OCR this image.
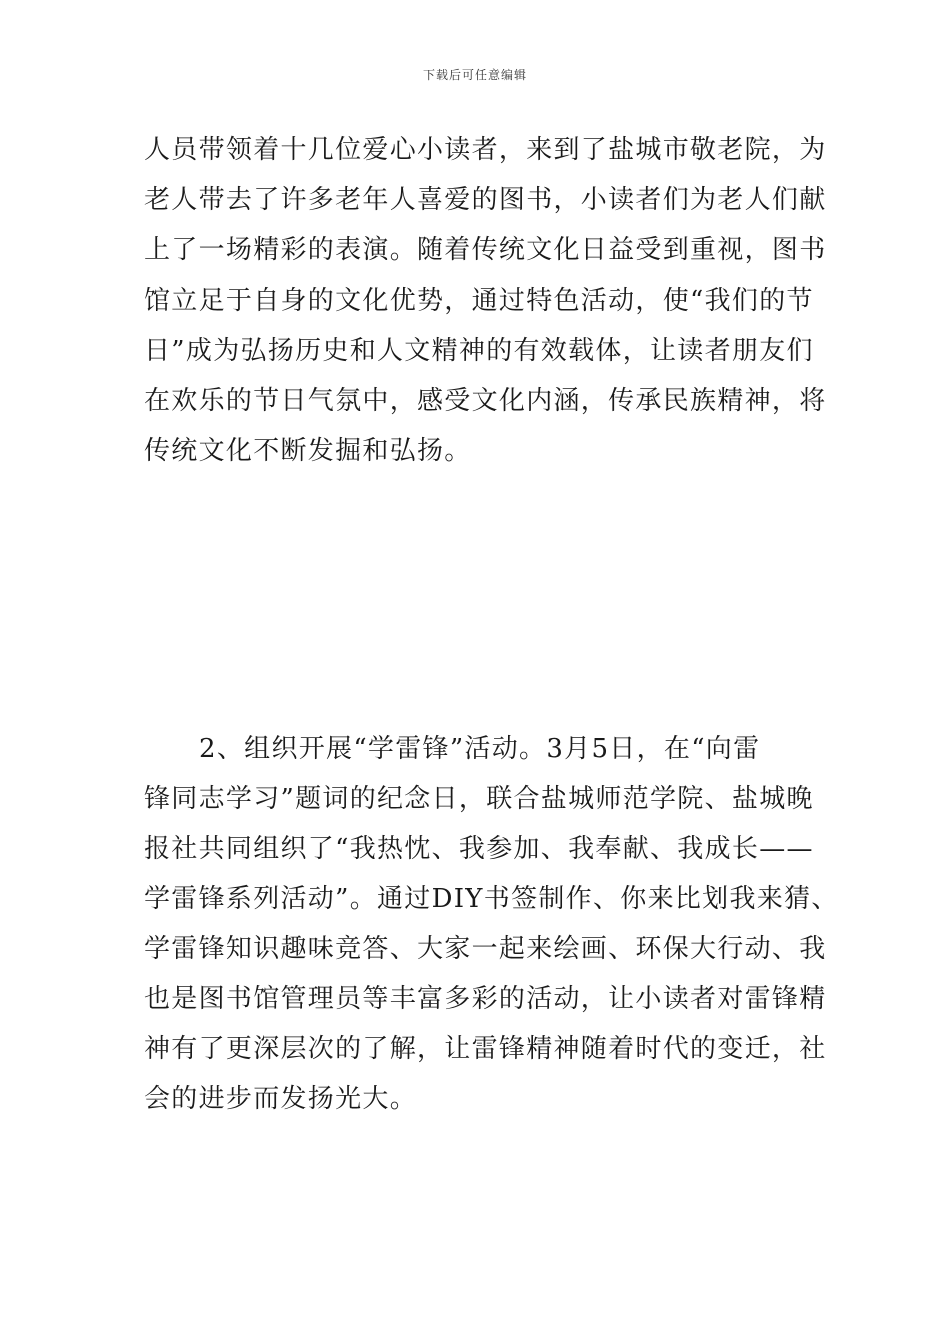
下载后可任意编辑
人员带领着十几位爱心小读者，来到了盐城市敬老院，为
老人带去了许多老年人喜爱的图书，小读者们为老人们献
上了一场精彩的表演。随着传统文化日益受到重视，图书
馆立足于自身的文化优势，通过特色活动，使“我们的节
日”成为弘扬历史和人文精神的有效载体，让读者朋友们
在欢乐的节日气氛中，感受文化内涵，传承民族精神，将
传统文化不断发掘和弘扬。
2、组织开展“学雷锋”活动。3月5日，在“向雷
锋同志学习”题词的纪念日，联合盐城师范学院、盐城晚
报社共同组织了“我热忱、我参加、我奉献、我成长——
学雷锋系列活动”。通过DIY书签制作、你来比划我来猜、
学雷锋知识趣味竞答、大家一起来绘画、环保大行动、我
也是图书馆管理员等丰富多彩的活动，让小读者对雷锋精
神有了更深层次的了解，让雷锋精神随着时代的变迁，社
会的进步而发扬光大。
